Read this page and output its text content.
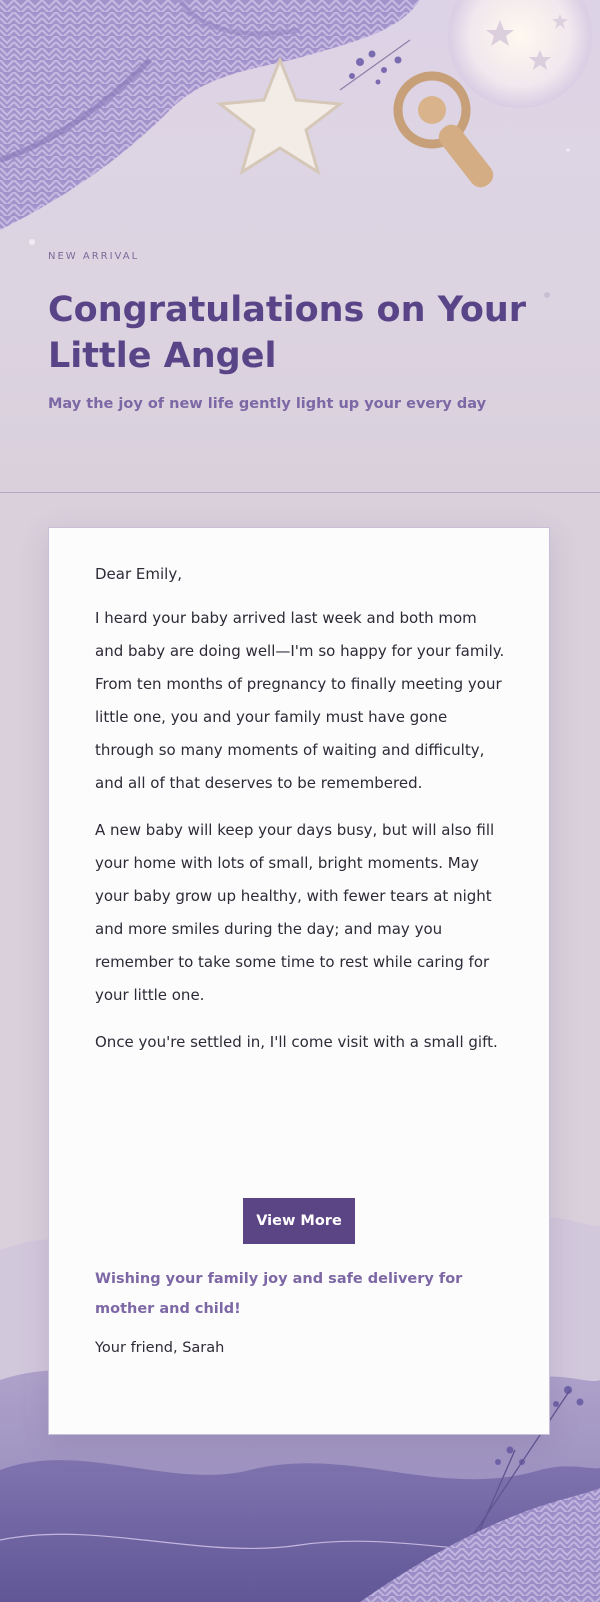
NEW ARRIVAL
Congratulations on Your Little Angel
May the joy of new life gently light up your every day

Dear Emily,

I heard your baby arrived last week and both mom and baby are doing well—I'm so happy for your family. From ten months of pregnancy to finally meeting your little one, you and your family must have gone through so many moments of waiting and difficulty, and all of that deserves to be remembered.

A new baby will keep your days busy, but will also fill your home with lots of small, bright moments. May your baby grow up healthy, with fewer tears at night and more smiles during the day; and may you remember to take some time to rest while caring for your little one.

Once you're settled in, I'll come visit with a small gift.

View More
Wishing your family joy and safe delivery for mother and child!
Your friend, Sarah
